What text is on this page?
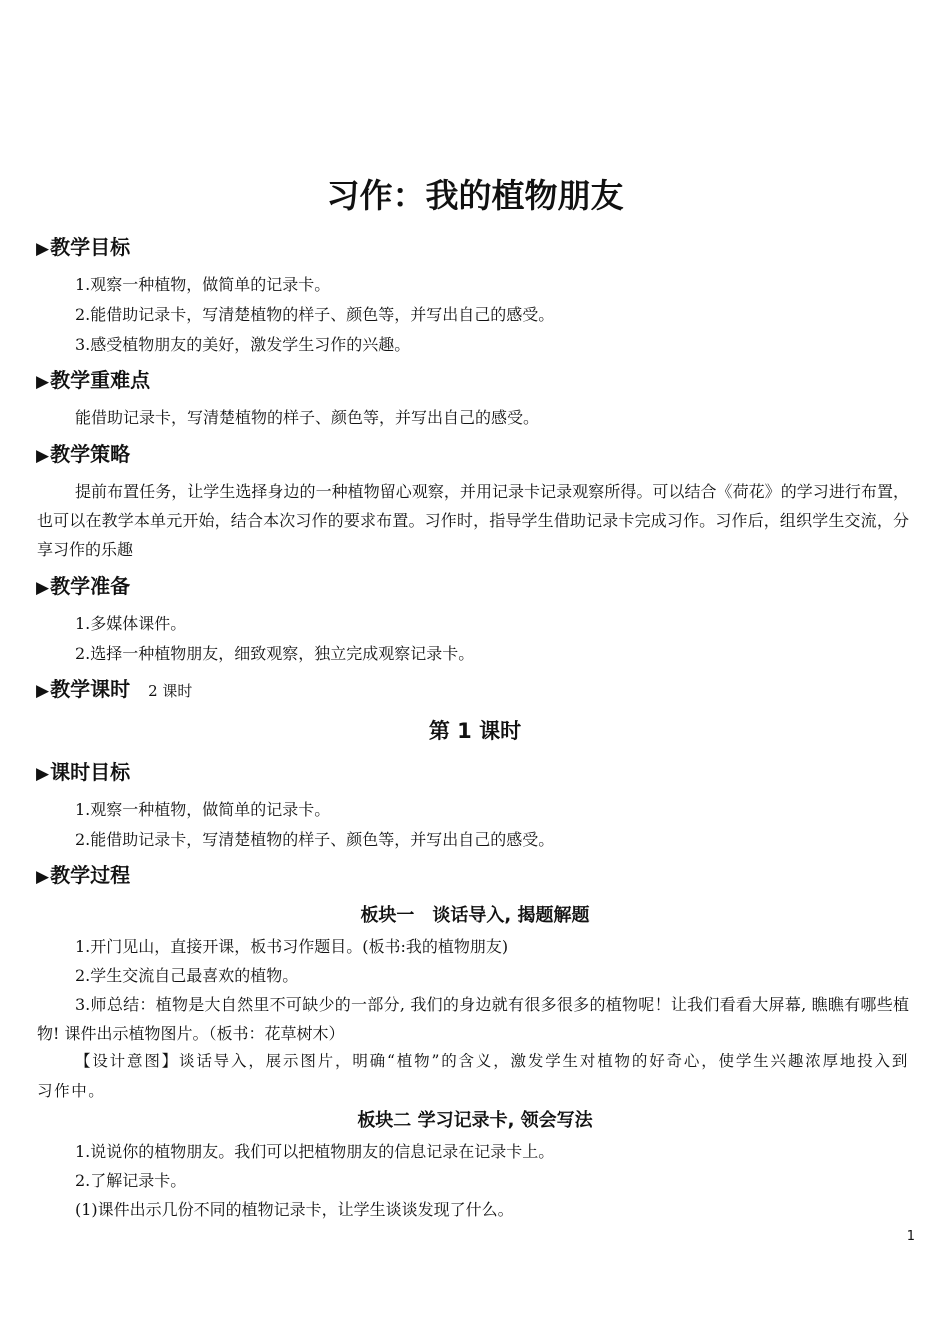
习作：我的植物朋友
▶教学目标

1.观察一种植物，做简单的记录卡。

2.能借助记录卡，写清楚植物的样子、颜色等，并写出自己的感受。

3.感受植物朋友的美好，激发学生习作的兴趣。

▶教学重难点

能借助记录卡，写清楚植物的样子、颜色等，并写出自己的感受。

▶教学策略

提前布置任务，让学生选择身边的一种植物留心观察，并用记录卡记录观察所得。可以结合《荷花》的学习进行布置，也可以在教学本单元开始，结合本次习作的要求布置。习作时，指导学生借助记录卡完成习作。习作后，组织学生交流，分享习作的乐趣

▶教学准备

1.多媒体课件。

2.选择一种植物朋友，细致观察，独立完成观察记录卡。

▶教学课时 2 课时
第 1 课时
▶课时目标

1.观察一种植物，做简单的记录卡。

2.能借助记录卡，写清楚植物的样子、颜色等，并写出自己的感受。

▶教学过程
板块一　谈话导入, 揭题解题

1.开门见山，直接开课，板书习作题目。(板书:我的植物朋友)

2.学生交流自己最喜欢的植物。

3.师总结：植物是大自然里不可缺少的一部分, 我们的身边就有很多很多的植物呢！让我们看看大屏幕, 瞧瞧有哪些植物! 课件出示植物图片。（板书：花草树木）

【设计意图】谈话导入，展示图片，明确“植物”的含义，激发学生对植物的好奇心，使学生兴趣浓厚地投入到习作中。

板块二 学习记录卡, 领会写法

1.说说你的植物朋友。我们可以把植物朋友的信息记录在记录卡上。

2.了解记录卡。

(1)课件出示几份不同的植物记录卡，让学生谈谈发现了什么。

1
